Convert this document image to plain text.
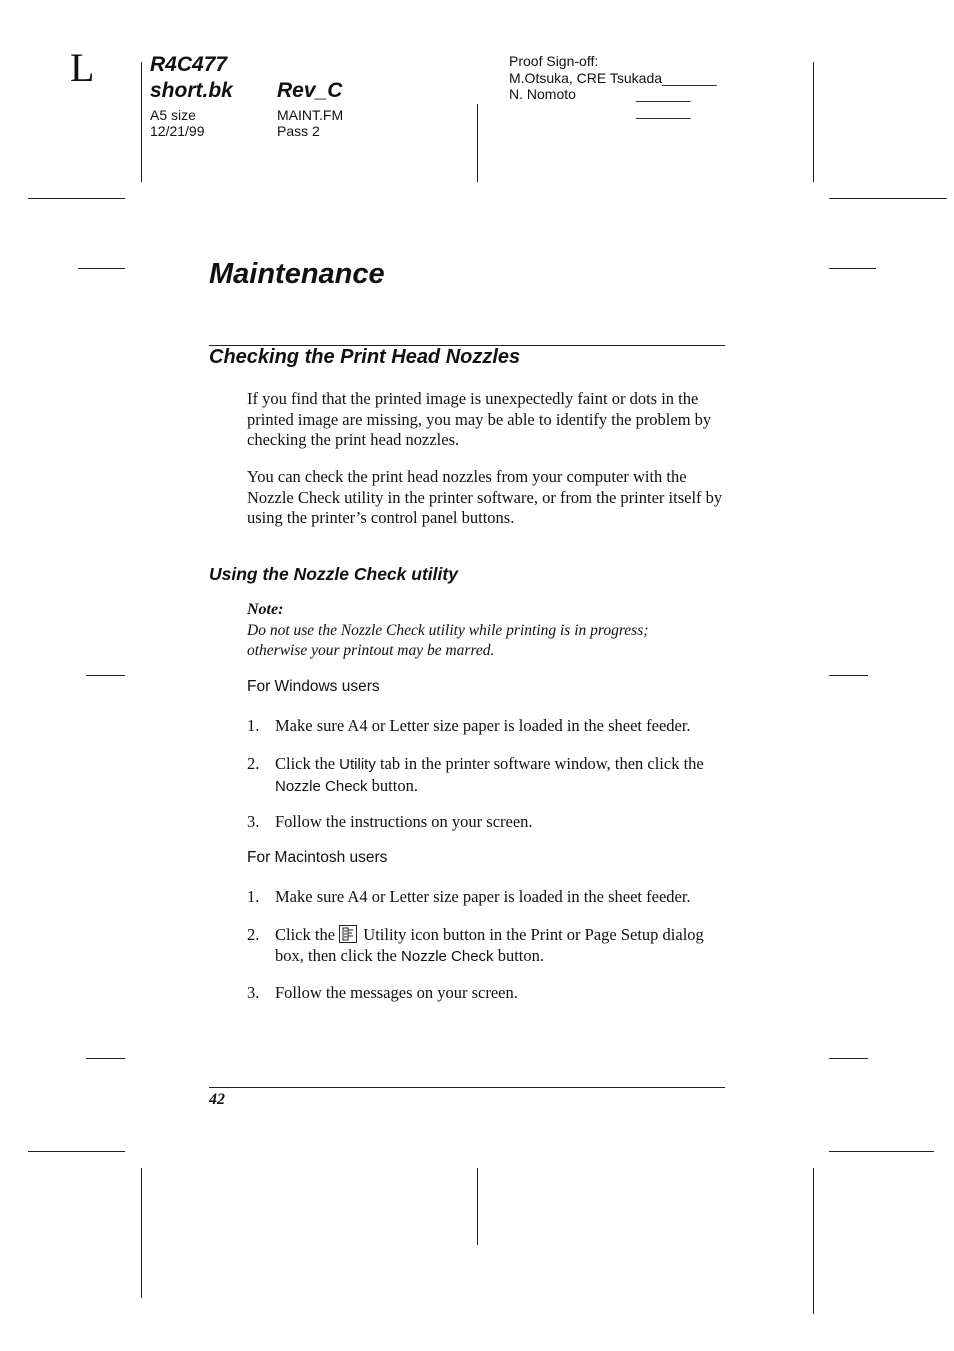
L	R4C477
short.bk Rev_C
A5 size
12/21/99
MAINT.FM
Pass 2
Proof Sign-off:
M.Otsuka, CRE Tsukada_______
N. Nomoto	_______
_______
Maintenance
Checking the Print Head Nozzles
If you find that the printed image is unexpectedly faint or dots in the printed image are missing, you may be able to identify the problem by checking the print head nozzles.
You can check the print head nozzles from your computer with the Nozzle Check utility in the printer software, or from the printer itself by using the printer’s control panel buttons.
Using the Nozzle Check utility
Note:
Do not use the Nozzle Check utility while printing is in progress;
otherwise your printout may be marred.
For Windows users
1. Make sure A4 or Letter size paper is loaded in the sheet feeder.
2. Click the Utility tab in the printer software window, then click the Nozzle Check button.
3. Follow the instructions on your screen.
For Macintosh users
1. Make sure A4 or Letter size paper is loaded in the sheet feeder.
2. Click the
Utility icon button in the Print or Page Setup dialog box, then click the Nozzle Check button.
3. Follow the messages on your screen.
42
